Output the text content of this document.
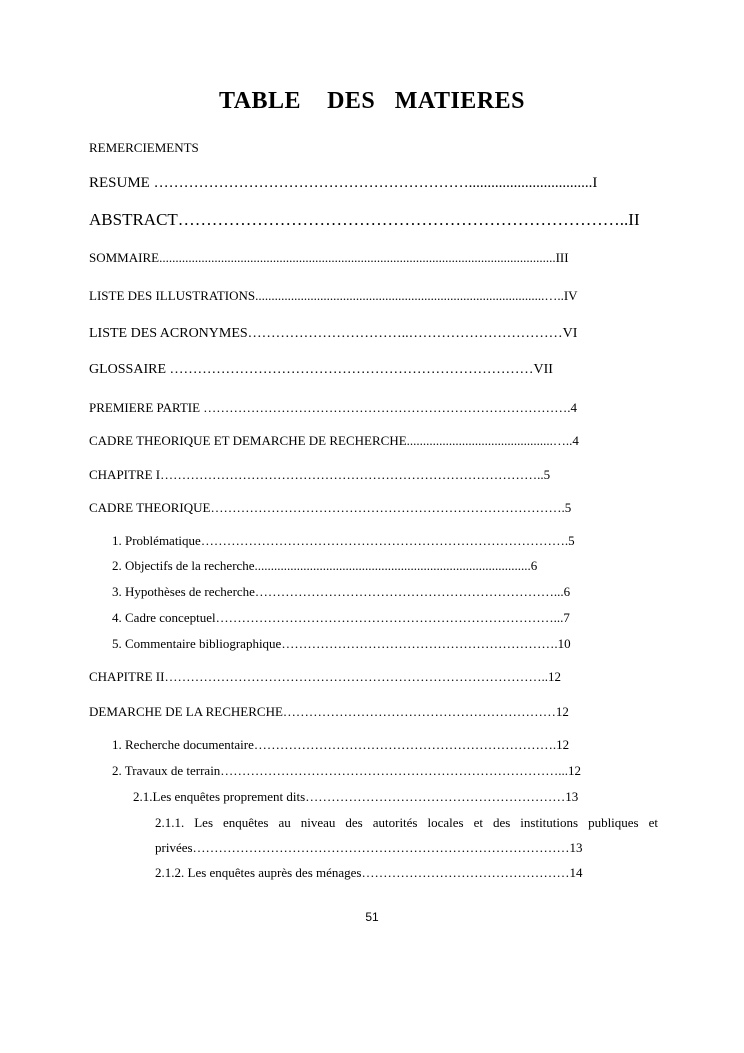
TABLE    DES   MATIERES
REMERCIEMENTS
RESUME ……………………………………………………….................................I
ABSTRACT……………………………………………………………………..II
SOMMAIRE..........................................................................................................................III
LISTE DES ILLUSTRATIONS.........................................................................................…..IV
LISTE DES ACRONYMES……………………………..……………………………VI
GLOSSAIRE ……………………………………………………………………VII
PREMIERE PARTIE ………………………………………………………………………….4
CADRE THEORIQUE ET DEMARCHE DE RECHERCHE.............................................…..4
CHAPITRE I……………………………………………………………………………..5
CADRE THEORIQUE……………………………………………………………………….5
1. Problématique………………………………………………………………………….5
2. Objectifs de la recherche.....................................................................................6
3. Hypothèses de recherche……………………………………………………………...6
4. Cadre conceptuel……………………………………………………………………...7
5. Commentaire bibliographique……………………………………………………….10
CHAPITRE II……………………………………………………………………………..12
DEMARCHE DE LA RECHERCHE………………………………………………………12
1. Recherche documentaire…………………………………………………………….12
2. Travaux de terrain……………………………………………………………………...12
2.1.Les enquêtes proprement dits……………………………………………………13
2.1.1. Les enquêtes au niveau des autorités locales et des institutions publiques et
privées……………………………………………………………………………13
2.1.2. Les enquêtes auprès des ménages…………………………………………14
51
